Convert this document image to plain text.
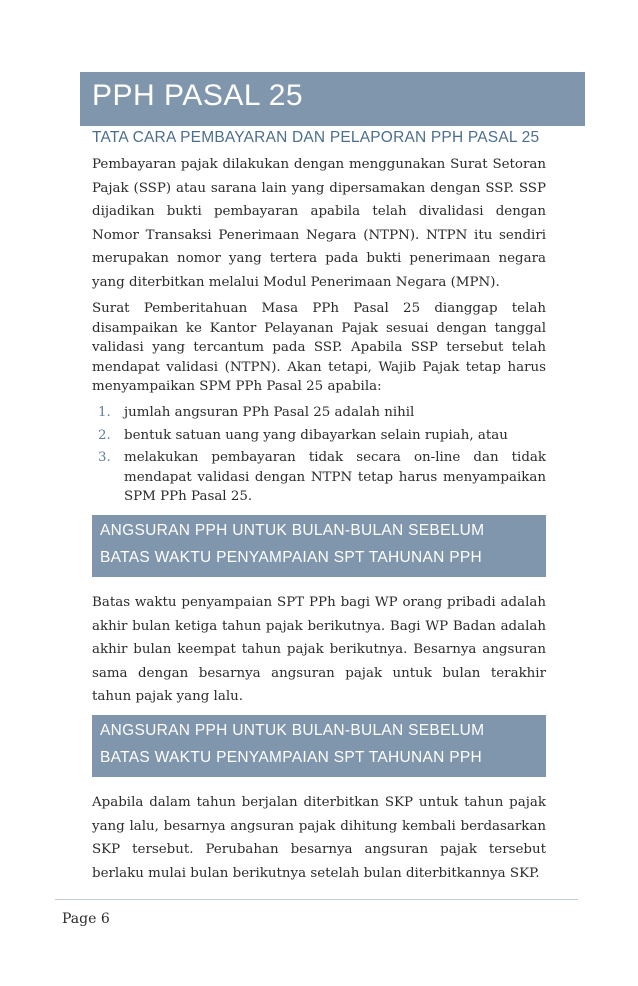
PPH PASAL 25
TATA CARA PEMBAYARAN DAN PELAPORAN PPH PASAL 25

Pembayaran pajak dilakukan dengan menggunakan Surat Setoran Pajak (SSP) atau sarana lain yang dipersamakan dengan SSP. SSP dijadikan bukti pembayaran apabila telah divalidasi dengan Nomor Transaksi Penerimaan Negara (NTPN). NTPN itu sendiri merupakan nomor yang tertera pada bukti penerimaan negara yang diterbitkan melalui Modul Penerimaan Negara (MPN).

Surat Pemberitahuan Masa PPh Pasal 25 dianggap telah disampaikan ke Kantor Pelayanan Pajak sesuai dengan tanggal validasi yang tercantum pada SSP. Apabila SSP tersebut telah mendapat validasi (NTPN). Akan tetapi, Wajib Pajak tetap harus menyampaikan SPM PPh Pasal 25 apabila:

1. jumlah angsuran PPh Pasal 25 adalah nihil
2. bentuk satuan uang yang dibayarkan selain rupiah, atau
3. melakukan pembayaran tidak secara on-line dan tidak mendapat validasi dengan NTPN tetap harus menyampaikan SPM PPh Pasal 25.
ANGSURAN PPH UNTUK BULAN-BULAN SEBELUM
BATAS WAKTU PENYAMPAIAN SPT TAHUNAN PPH

Batas waktu penyampaian SPT PPh bagi WP orang pribadi adalah akhir bulan ketiga tahun pajak berikutnya. Bagi WP Badan adalah akhir bulan keempat tahun pajak berikutnya. Besarnya angsuran sama dengan besarnya angsuran pajak untuk bulan terakhir tahun pajak yang lalu.

ANGSURAN PPH UNTUK BULAN-BULAN SEBELUM
BATAS WAKTU PENYAMPAIAN SPT TAHUNAN PPH

Apabila dalam tahun berjalan diterbitkan SKP untuk tahun pajak yang lalu, besarnya angsuran pajak dihitung kembali berdasarkan SKP tersebut. Perubahan besarnya angsuran pajak tersebut berlaku mulai bulan berikutnya setelah bulan diterbitkannya SKP.

Page 6
